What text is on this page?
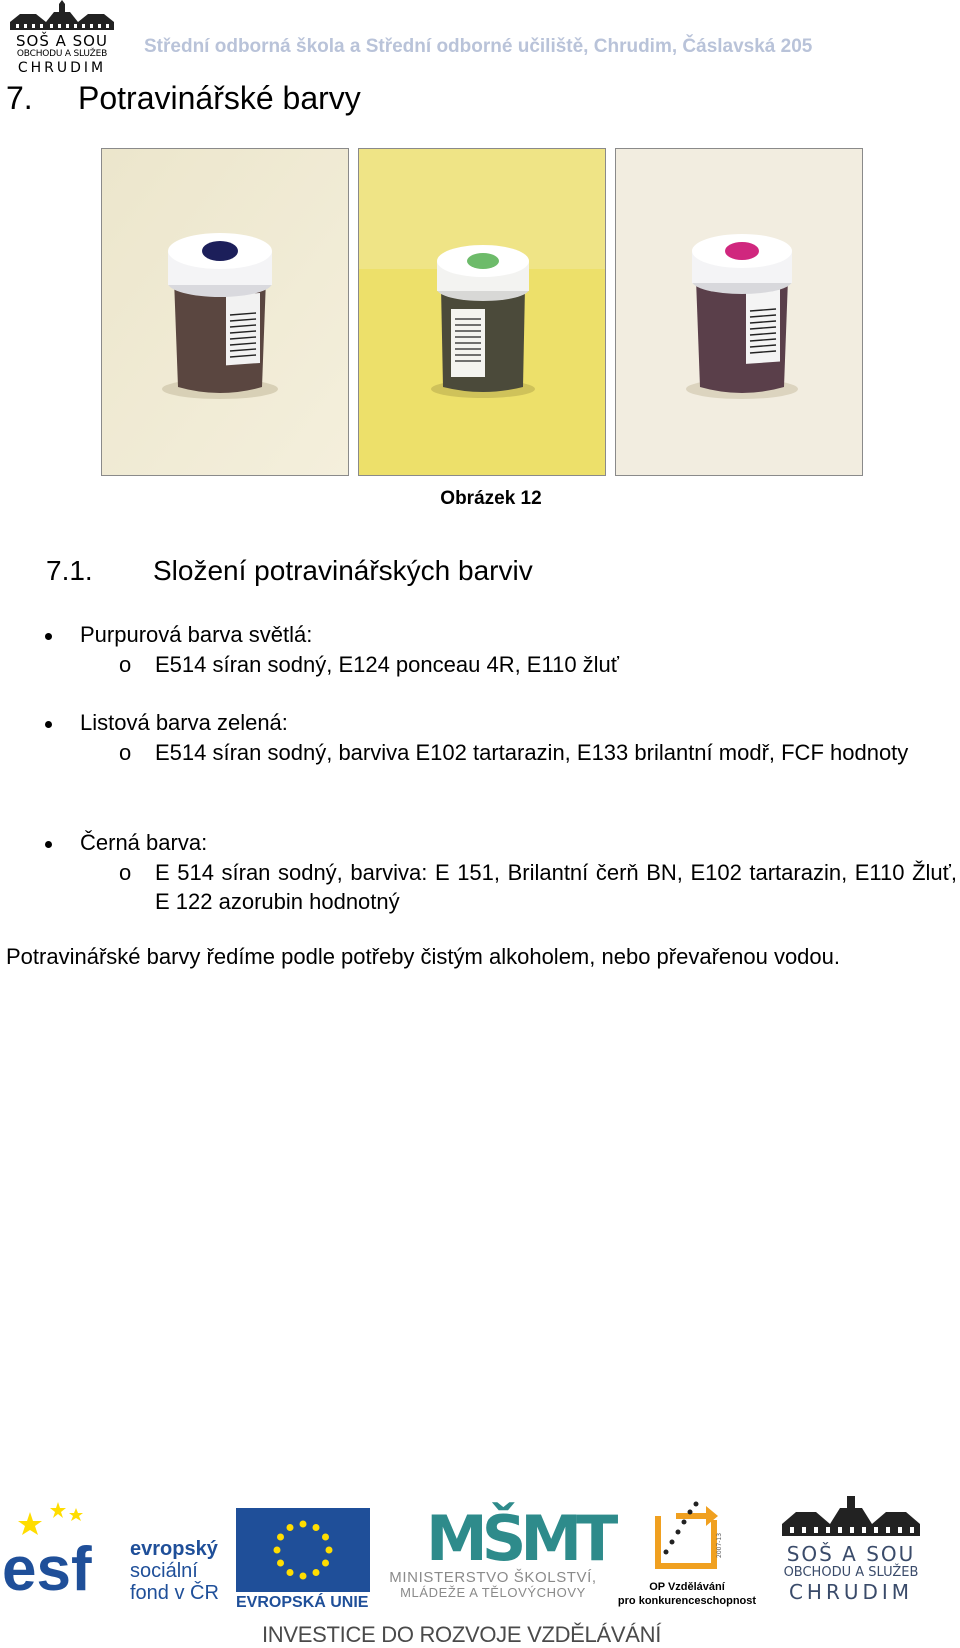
SOŠ A SOU
OBCHODU A SLUŽEB
CHRUDIM
Střední odborná škola a Střední odborné učiliště, Chrudim, Čáslavská 205
7. Potravinářské barvy
Obrázek 12
7.1. Složení potravinářských barviv
Purpurová barva světlá:
o E514 síran sodný, E124 ponceau 4R, E110 žluť
Listová barva zelená:
o E514 síran sodný, barviva E102 tartarazin, E133 brilantní modř, FCF hodnoty
Černá barva:
o E 514 síran sodný, barviva: E 151, Brilantní čerň BN, E102 tartarazin, E110 Žluť, E 122 azorubin hodnotný

Potravinářské barvy ředíme podle potřeby čistým alkoholem, nebo převařenou vodou.

esf evropský
sociální
fond v ČR EVROPSKÁ UNIE
MŠMT
MINISTERSTVO ŠKOLSTVÍ,
MLÁDEŽE A TĚLOVÝCHOVY
2007-13
OP Vzdělávání
pro konkurenceschopnost
SOŠ A SOU
OBCHODU A SLUŽEB
CHRUDIM
INVESTICE DO ROZVOJE VZDĚLÁVÁNÍ
